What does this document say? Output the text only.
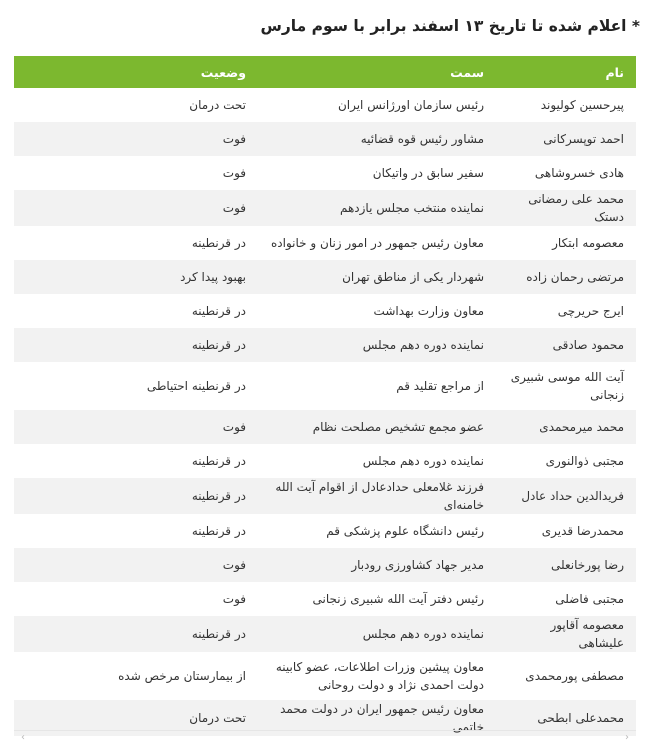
* اعلام شده تا تاریخ ۱۳ اسفند برابر با سوم مارس
نام	سمت	وضعیت
پیرحسین کولیوند	رئیس سازمان اورژانس ایران	تحت درمان
احمد توپسرکانی	مشاور رئیس قوه قضائیه	فوت
هادی خسروشاهی	سفیر سابق در واتیکان	فوت
محمد علی رمضانی دستک	نماینده منتخب مجلس یازدهم	فوت
معصومه ابتکار	معاون رئیس جمهور در امور زنان و خانواده	در قرنطینه
مرتضی رحمان زاده	شهردار یکی از مناطق تهران	بهبود پیدا کرد
ایرج حریرچی	معاون وزارت بهداشت	در قرنطینه
محمود صادقی	نماینده دوره دهم مجلس	در قرنطینه
آیت الله موسی شبیری زنجانی	از مراجع تقلید قم	در قرنطینه احتیاطی
محمد میرمحمدی	عضو مجمع تشخیص مصلحت نظام	فوت
مجتبی ذوالنوری	نماینده دوره دهم مجلس	در قرنطینه
فریدالدین حداد عادل	فرزند غلامعلی حدادعادل از اقوام آیت الله خامنه‌ای	در قرنطینه
محمدرضا قدیری	رئیس دانشگاه علوم پزشکی قم	در قرنطینه
رضا پورخانعلی	مدیر جهاد کشاورزی رودبار	فوت
مجتبی فاضلی	رئیس دفتر آیت الله شبیری زنجانی	فوت
معصومه آقاپور علیشاهی	نماینده دوره دهم مجلس	در قرنطینه
مصطفی پورمحمدی	معاون پیشین وزرات اطلاعات، عضو کابینه دولت احمدی نژاد و دولت روحانی	از بیمارستان مرخص شده
محمدعلی ابطحی	معاون رئیس جمهور ایران در دولت محمد خاتمی	تحت درمان
‹	›
